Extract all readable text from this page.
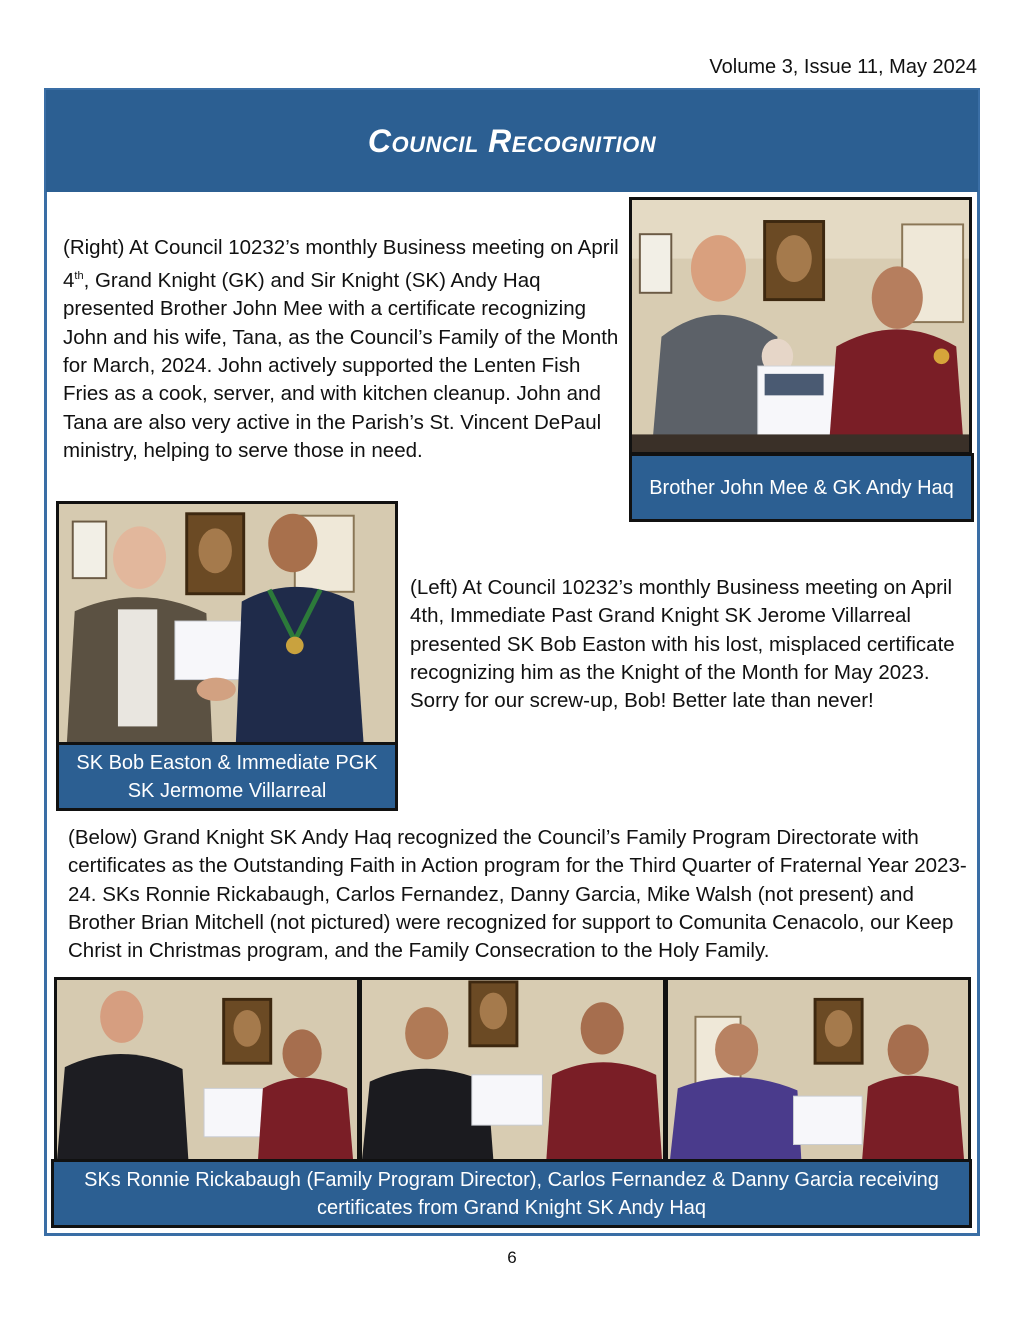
Volume 3, Issue 11, May 2024
Council Recognition

(Right) At Council 10232’s monthly Business meeting on April 4th, Grand Knight (GK) and Sir Knight (SK) Andy Haq presented Brother John Mee with a certificate recognizing John and his wife, Tana, as the Council’s Family of the Month for March, 2024. John actively supported the Lenten Fish Fries as a cook, server, and with kitchen cleanup. John and Tana are also very active in the Parish’s St. Vincent DePaul ministry, helping to serve those in need.

Brother John Mee & GK Andy Haq
SK Bob Easton & Immediate PGK SK Jermome Villarreal

(Left) At Council 10232’s monthly Business meeting on April 4th, Immediate Past Grand Knight SK Jerome Villarreal presented SK Bob Easton with his lost, misplaced certificate recognizing him as the Knight of the Month for May 2023. Sorry for our screw-up, Bob! Better late than never!

(Below) Grand Knight SK Andy Haq recognized the Council’s Family Program Directorate with certificates as the Outstanding Faith in Action program for the Third Quarter of Fraternal Year 2023-24. SKs Ronnie Rickabaugh, Carlos Fernandez, Danny Garcia, Mike Walsh (not present) and Brother Brian Mitchell (not pictured) were recognized for support to Comunita Cenacolo, our Keep Christ in Christmas program, and the Family Consecration to the Holy Family.

SKs Ronnie Rickabaugh (Family Program Director), Carlos Fernandez & Danny Garcia receiving certificates from Grand Knight SK Andy Haq
6
